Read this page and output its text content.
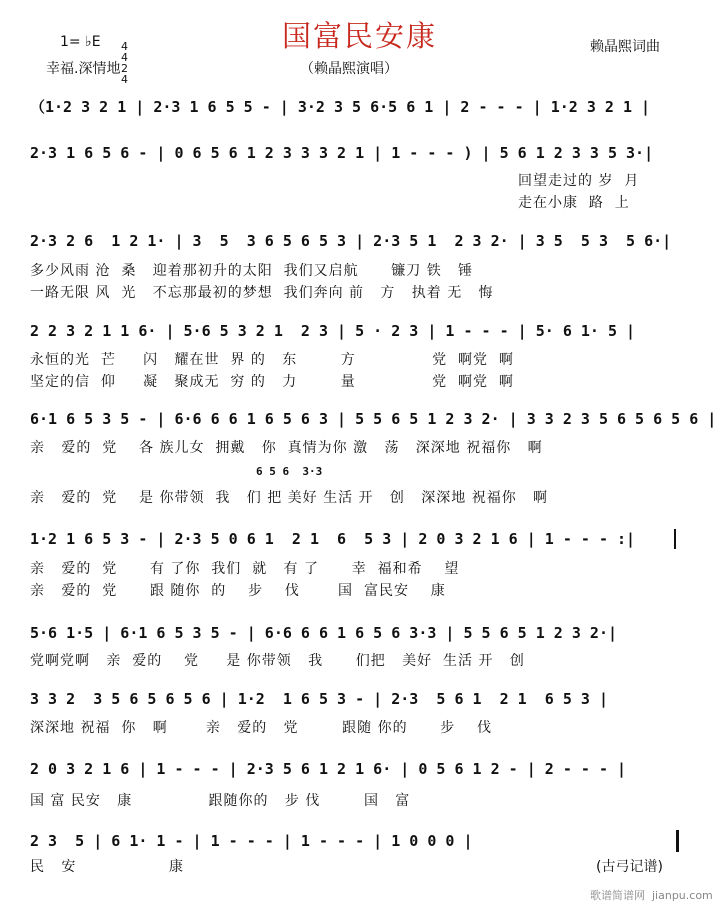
国富民安康
1= ♭E

4
4

2
4

幸福.深情地
赖晶熙词曲
（赖晶熙演唱）
（1·2 3 2 1 | 2·3 1 6 5 5 - | 3·2 3 5 6·5 6 1 | 2 - - - | 1·2 3 2 1 |
2·3 1 6 5 6 - | 0 6 5 6 1 2 3 3 3 2 1 | 1 - - - ) | 5 6 1 2 3 3 5 3·|
回望走过的 岁  月
走在小康  路  上
2·3 2 6  1 2 1· | 3  5  3 6 5 6 5 3 | 2·3 5 1  2 3 2· | 3 5  5 3  5 6·|
多少风雨 沧  桑   迎着那初升的太阳  我们又启航      镰刀 铁   锤
一路无限 风  光   不忘那最初的梦想  我们奔向 前   方   执着 无   悔
2 2 3 2 1 1 6· | 5·6 5 3 2 1  2 3 | 5 · 2 3 | 1 - - - | 5· 6 1· 5 |
永恒的光  芒     闪   耀在世  界 的   东        方              党  啊党  啊
坚定的信  仰     凝   聚成无  穷 的   力        量              党  啊党  啊
6·1 6 5 3 5 - | 6·6 6 6 1 6 5 6 3 | 5 5 6 5 1 2 3 2· | 3 3 2 3 5 6 5 6 5 6 |
亲   爱的  党    各 族儿女  拥戴   你  真情为你 激   荡   深深地 祝福你   啊
6 5 6  3·3
亲   爱的  党    是 你带领  我   们 把 美好 生活 开   创   深深地 祝福你   啊
1·2 1 6 5 3 - | 2·3 5 0 6 1  2 1  6  5 3 | 2 0 3 2 1 6 | 1 - - - :|
亲   爱的  党      有 了你  我们  就   有 了      幸  福和希    望
亲   爱的  党      跟 随你  的    步    伐       国  富民安    康
5·6 1·5 | 6·1 6 5 3 5 - | 6·6 6 6 1 6 5 6 3·3 | 5 5 6 5 1 2 3 2·|
党啊党啊   亲  爱的    党     是 你带领   我      们把   美好  生活 开   创
3 3 2  3 5 6 5 6 5 6 | 1·2  1 6 5 3 - | 2·3  5 6 1  2 1  6 5 3 |
深深地 祝福  你   啊       亲   爱的   党        跟随 你的      步    伐
2 0 3 2 1 6 | 1 - - - | 2·3 5 6 1 2 1 6· | 0 5 6 1 2 - | 2 - - - |
国 富 民安   康              跟随你的   步 伐        国   富
2 3  5 | 6 1· 1 - | 1 - - - | 1 - - - | 1 0 0 0 |
民   安                 康	(古弓记谱)
歌谱简谱网  jianpu.com
